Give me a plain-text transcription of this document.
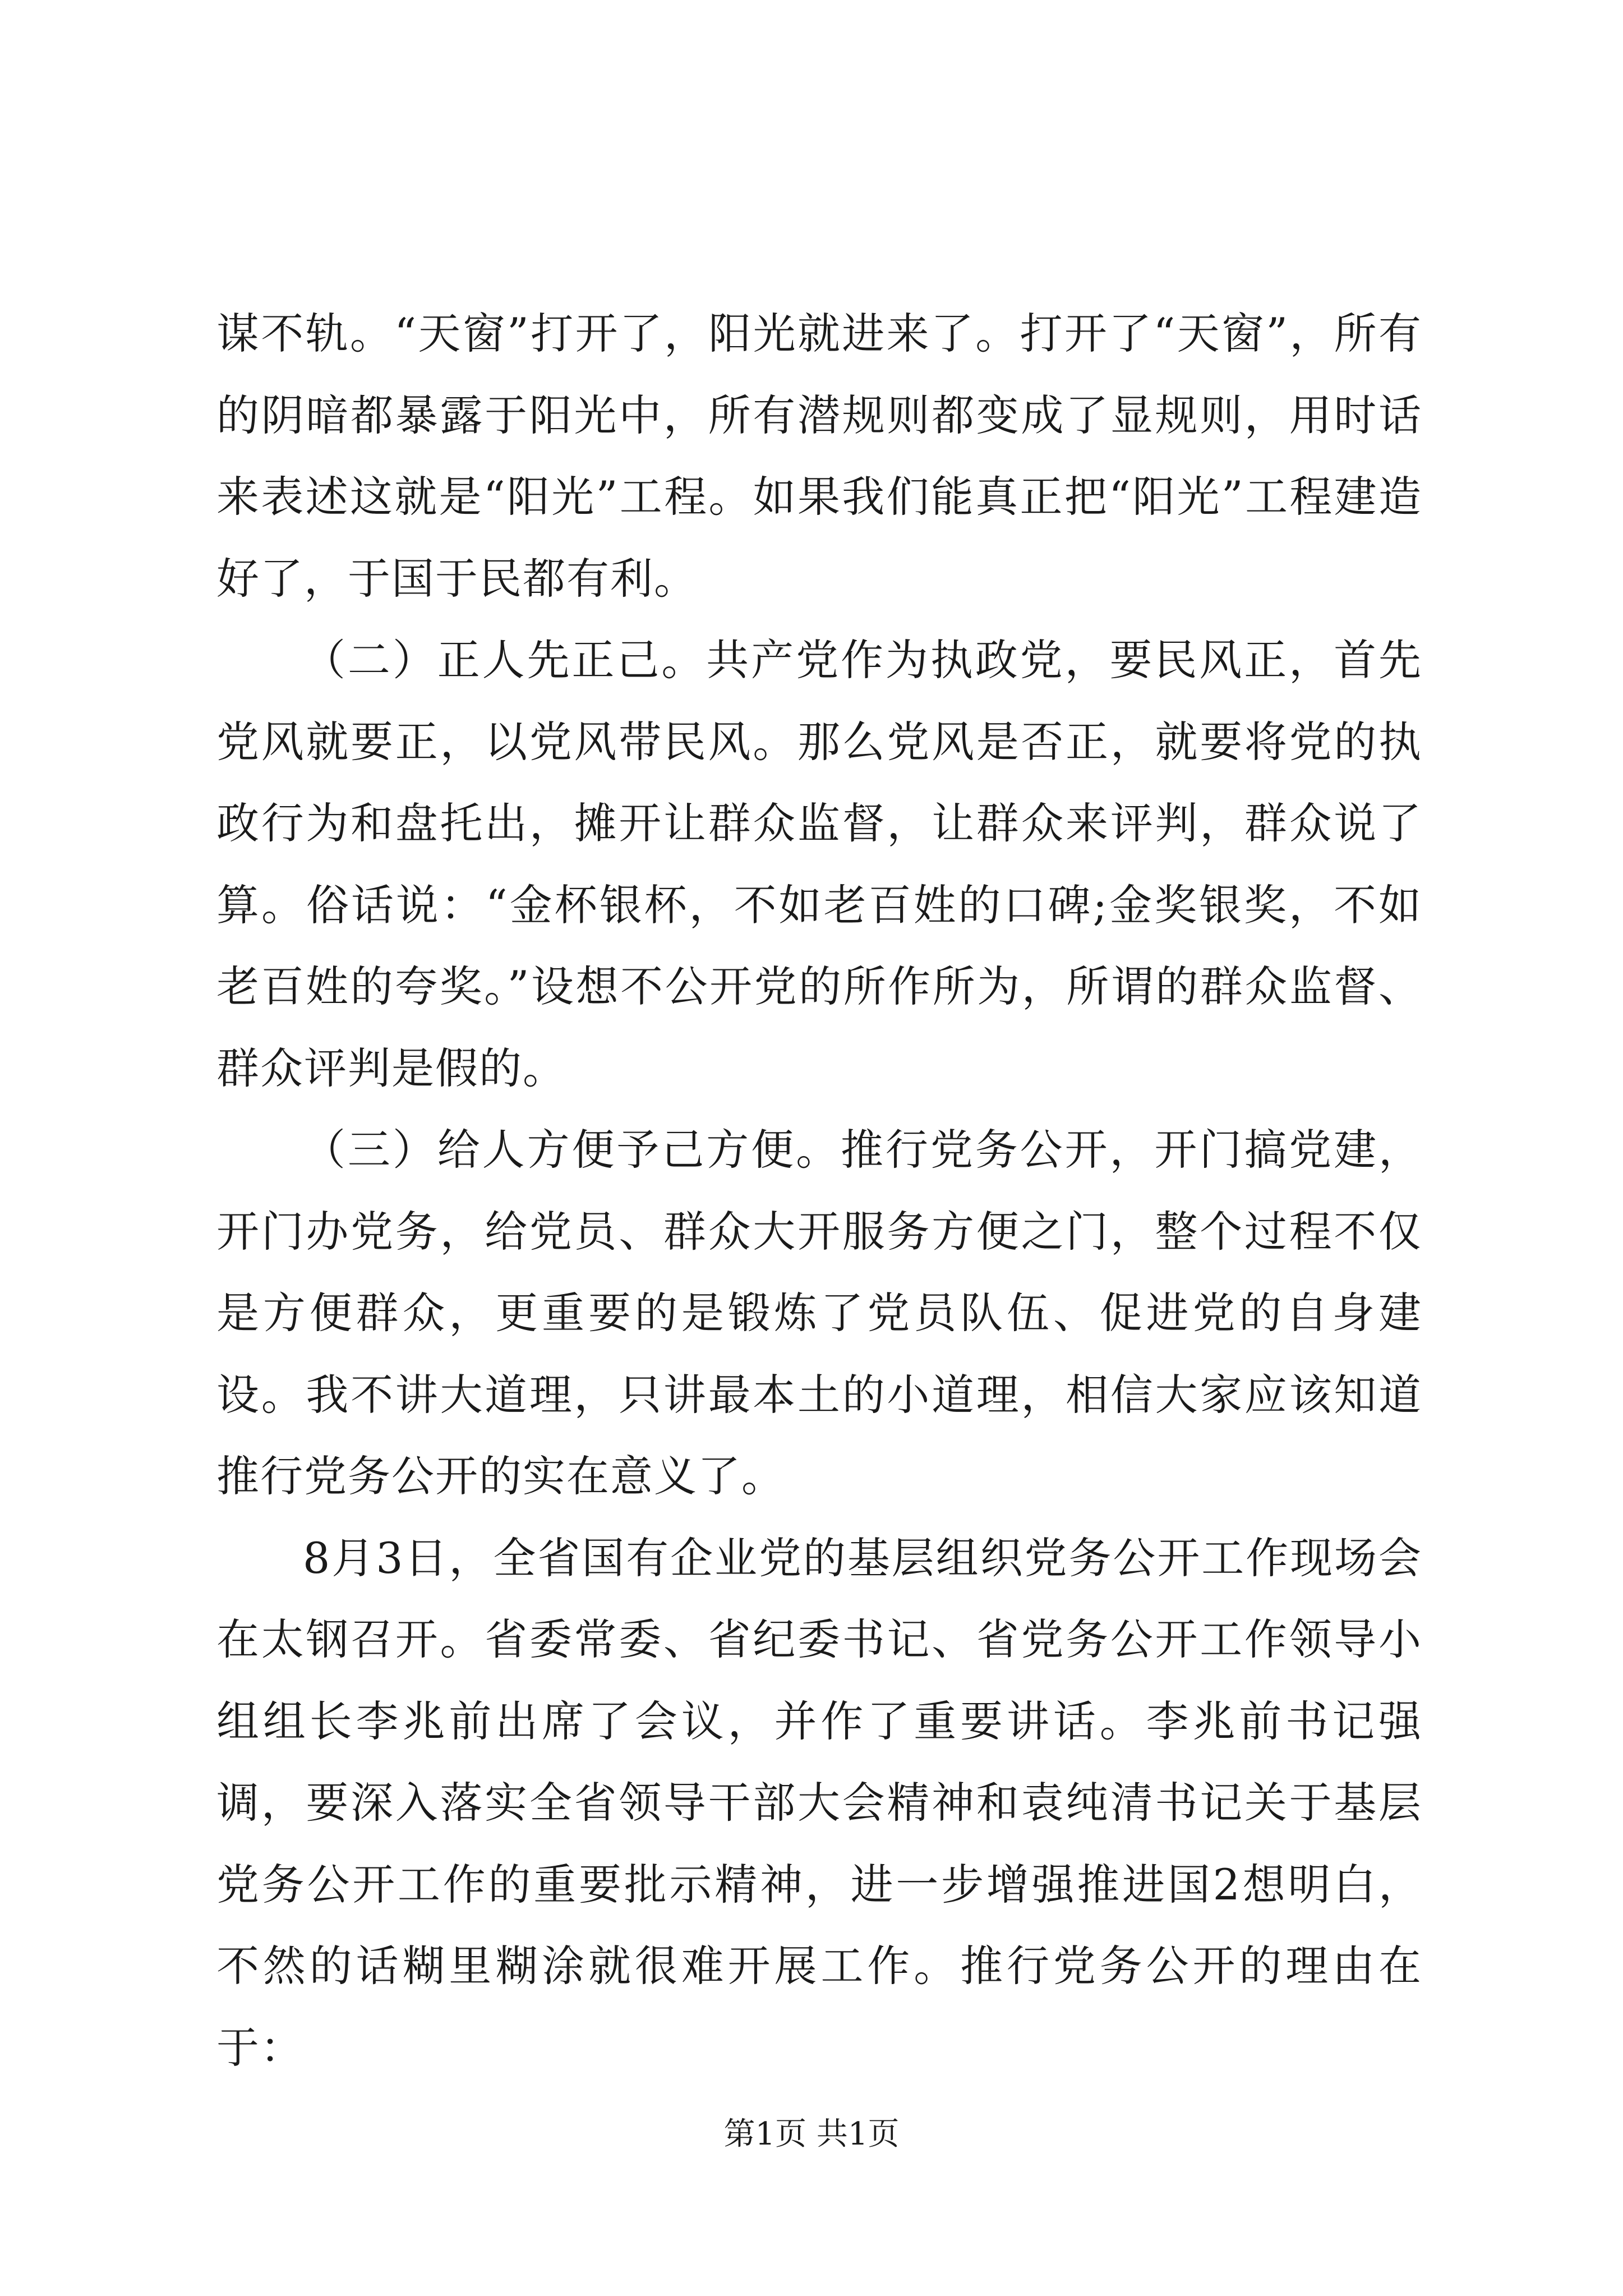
谋不轨。“天窗”打开了，阳光就进来了。打开了“天窗”，所有的阴暗都暴露于阳光中，所有潜规则都变成了显规则，用时话来表述这就是“阳光”工程。如果我们能真正把“阳光”工程建造好了，于国于民都有利。

（二）正人先正己。共产党作为执政党，要民风正，首先党风就要正，以党风带民风。那么党风是否正，就要将党的执政行为和盘托出，摊开让群众监督，让群众来评判，群众说了算。俗话说：“金杯银杯，不如老百姓的口碑;金奖银奖，不如老百姓的夸奖。”设想不公开党的所作所为，所谓的群众监督、群众评判是假的。

（三）给人方便予己方便。推行党务公开，开门搞党建，开门办党务，给党员、群众大开服务方便之门，整个过程不仅是方便群众，更重要的是锻炼了党员队伍、促进党的自身建设。我不讲大道理，只讲最本土的小道理，相信大家应该知道推行党务公开的实在意义了。

8月3日，全省国有企业党的基层组织党务公开工作现场会在太钢召开。省委常委、省纪委书记、省党务公开工作领导小组组长李兆前出席了会议，并作了重要讲话。李兆前书记强调，要深入落实全省领导干部大会精神和袁纯清书记关于基层党务公开工作的重要批示精神，进一步增强推进国2想明白，不然的话糊里糊涂就很难开展工作。推行党务公开的理由在于：

第1页 共1页
